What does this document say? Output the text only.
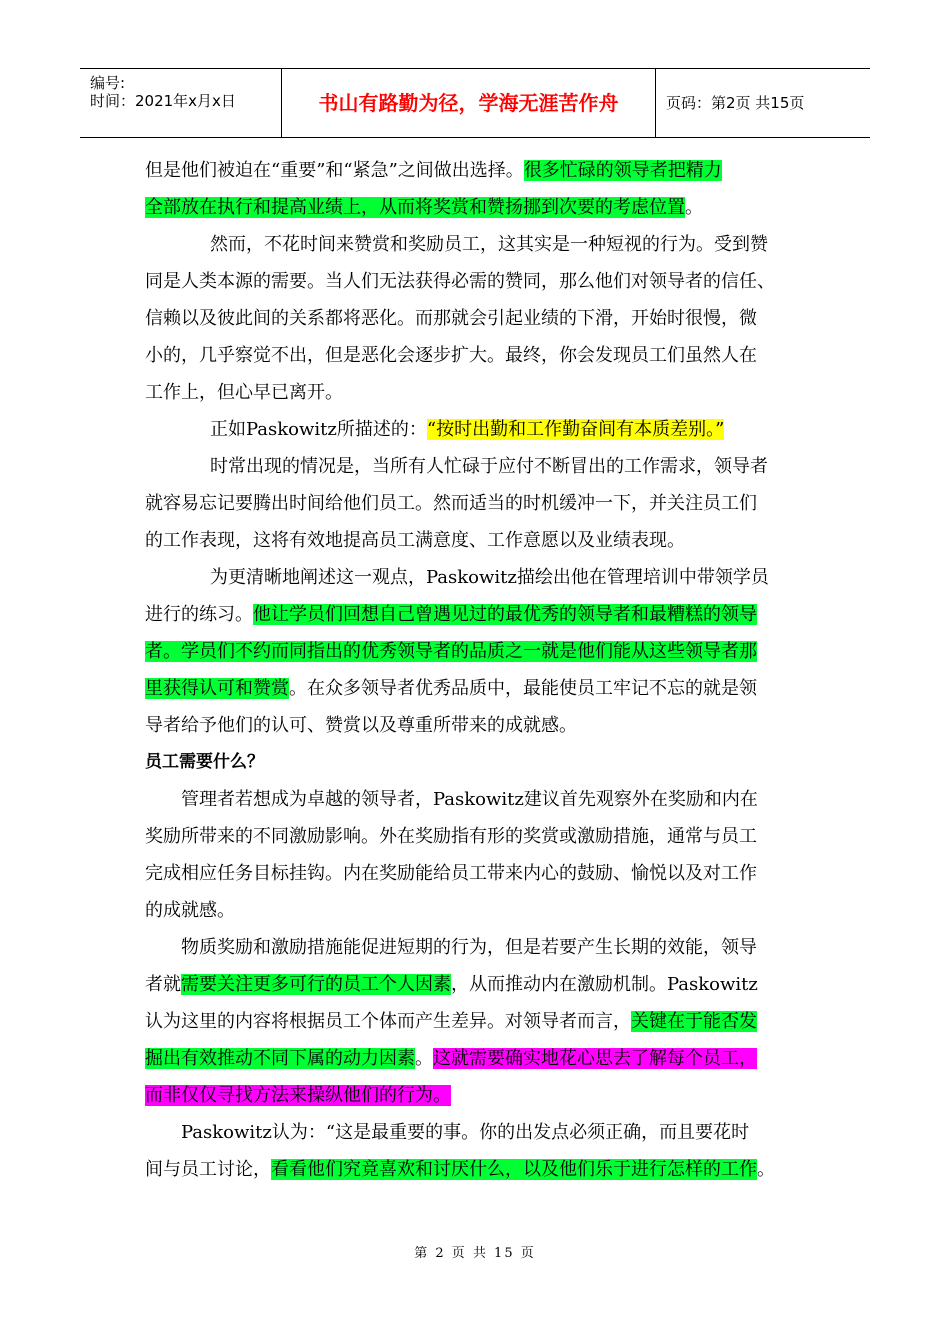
编号:
时间：2021年x月x日	书山有路勤为径，学海无涯苦作舟	页码：第2页 共15页
但是他们被迫在“重要”和“紧急”之间做出选择。很多忙碌的领导者把精力
全部放在执行和提高业绩上，从而将奖赏和赞扬挪到次要的考虑位置。
然而，不花时间来赞赏和奖励员工，这其实是一种短视的行为。受到赞
同是人类本源的需要。当人们无法获得必需的赞同，那么他们对领导者的信任、
信赖以及彼此间的关系都将恶化。而那就会引起业绩的下滑，开始时很慢，微
小的，几乎察觉不出，但是恶化会逐步扩大。最终，你会发现员工们虽然人在
工作上，但心早已离开。
正如Paskowitz所描述的：“按时出勤和工作勤奋间有本质差别。”
时常出现的情况是，当所有人忙碌于应付不断冒出的工作需求，领导者
就容易忘记要腾出时间给他们员工。然而适当的时机缓冲一下，并关注员工们
的工作表现，这将有效地提高员工满意度、工作意愿以及业绩表现。
为更清晰地阐述这一观点，Paskowitz描绘出他在管理培训中带领学员
进行的练习。他让学员们回想自己曾遇见过的最优秀的领导者和最糟糕的领导
者。学员们不约而同指出的优秀领导者的品质之一就是他们能从这些领导者那
里获得认可和赞赏。在众多领导者优秀品质中，最能使员工牢记不忘的就是领
导者给予他们的认可、赞赏以及尊重所带来的成就感。
员工需要什么？
管理者若想成为卓越的领导者，Paskowitz建议首先观察外在奖励和内在
奖励所带来的不同激励影响。外在奖励指有形的奖赏或激励措施，通常与员工
完成相应任务目标挂钩。内在奖励能给员工带来内心的鼓励、愉悦以及对工作
的成就感。
物质奖励和激励措施能促进短期的行为，但是若要产生长期的效能，领导
者就需要关注更多可行的员工个人因素，从而推动内在激励机制。Paskowitz
认为这里的内容将根据员工个体而产生差异。对领导者而言，关键在于能否发
掘出有效推动不同下属的动力因素。这就需要确实地花心思去了解每个员工，
而非仅仅寻找方法来操纵他们的行为。
Paskowitz认为：“这是最重要的事。你的出发点必须正确，而且要花时
间与员工讨论，看看他们究竟喜欢和讨厌什么，以及他们乐于进行怎样的工作。
第 2 页 共 15 页
